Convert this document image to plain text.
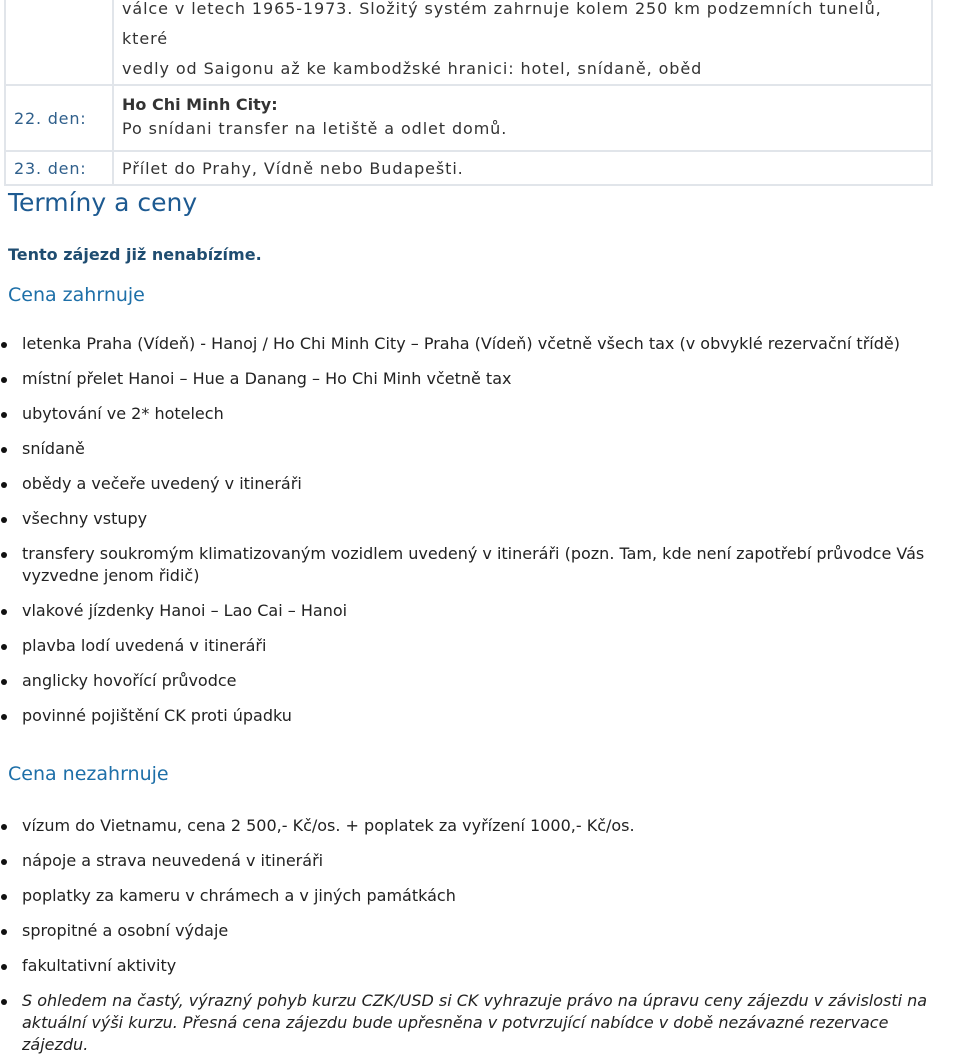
	válce v letech 1965-1973. Složitý systém zahrnuje kolem 250 km podzemních tunelů, které
vedly od Saigonu až ke kambodžské hranici: hotel, snídaně, oběd

22. den:	Ho Chi Minh City:
Po snídani transfer na letiště a odlet domů.

23. den:	Přílet do Prahy, Vídně nebo Budapešti.
Termíny a ceny
Tento zájezd již nenabízíme.
Cena zahrnuje
letenka Praha (Vídeň) - Hanoj / Ho Chi Minh City – Praha (Vídeň) včetně všech tax (v obvyklé rezervační třídě)
místní přelet Hanoi – Hue a Danang – Ho Chi Minh včetně tax
ubytování ve 2* hotelech
snídaně
obědy a večeře uvedený v itineráři
všechny vstupy
transfery soukromým klimatizovaným vozidlem uvedený v itineráři (pozn. Tam, kde není zapotřebí průvodce Vás vyzvedne jenom řidič)
vlakové jízdenky Hanoi – Lao Cai – Hanoi
plavba lodí uvedená v itineráři
anglicky hovořící průvodce
povinné pojištění CK proti úpadku
Cena nezahrnuje
vízum do Vietnamu, cena 2 500,- Kč/os. + poplatek za vyřízení 1000,- Kč/os.
nápoje a strava neuvedená v itineráři
poplatky za kameru v chrámech a v jiných památkách
spropitné a osobní výdaje
fakultativní aktivity
S ohledem na častý, výrazný pohyb kurzu CZK/USD si CK vyhrazuje právo na úpravu ceny zájezdu v závislosti na aktuální výši kurzu. Přesná cena zájezdu bude upřesněna v potvrzující nabídce v době nezávazné rezervace zájezdu.
